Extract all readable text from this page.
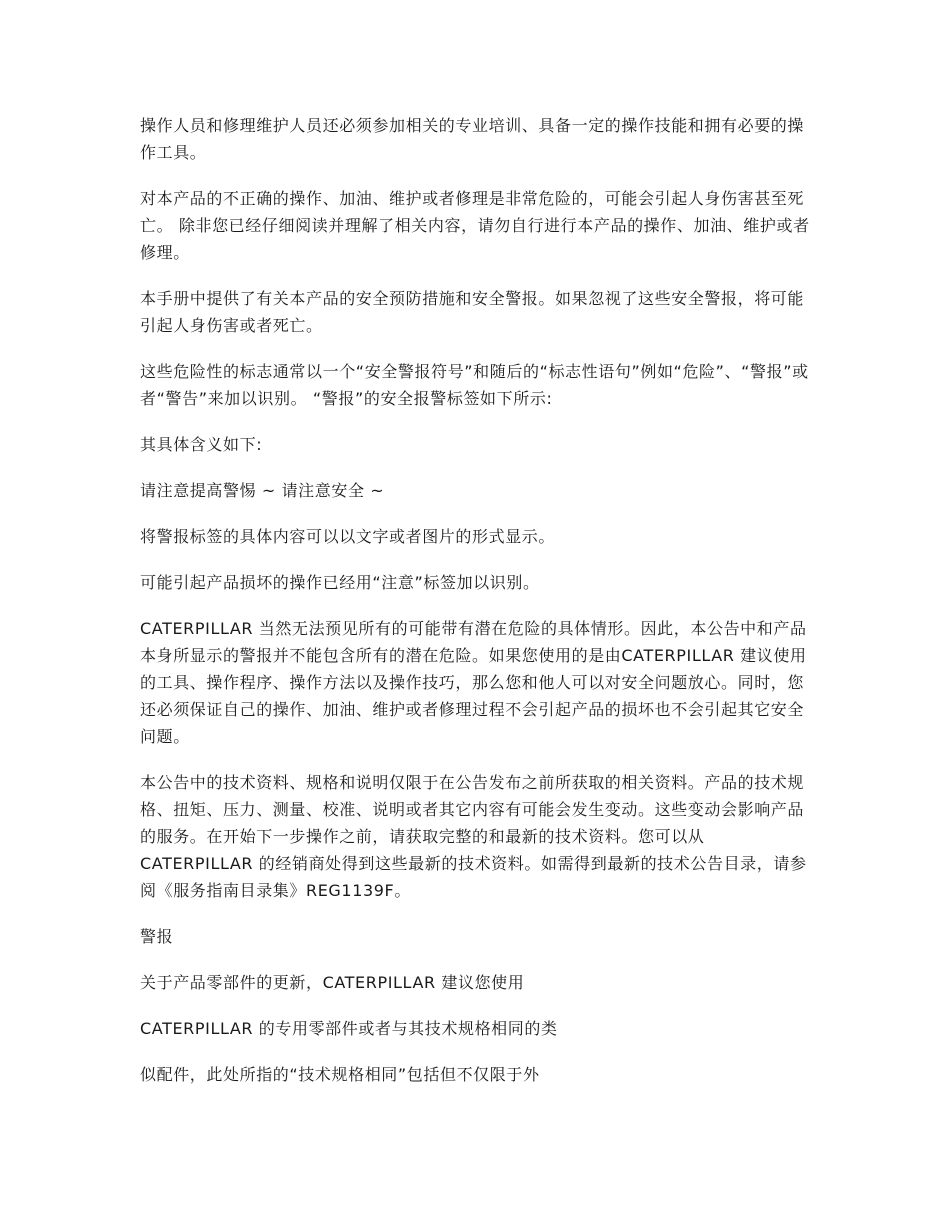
操作人员和修理维护人员还必须参加相关的专业培训、具备一定的操作技能和拥有必要的操作工具。

对本产品的不正确的操作、加油、维护或者修理是非常危险的，可能会引起人身伤害甚至死亡。 除非您已经仔细阅读并理解了相关内容，请勿自行进行本产品的操作、加油、维护或者修理。

本手册中提供了有关本产品的安全预防措施和安全警报。如果忽视了这些安全警报，将可能引起人身伤害或者死亡。

这些危险性的标志通常以一个“安全警报符号”和随后的“标志性语句”例如“危险”、“警报”或者“警告”来加以识别。 “警报”的安全报警标签如下所示:

其具体含义如下:

请注意提高警惕 ~ 请注意安全 ~

将警报标签的具体内容可以以文字或者图片的形式显示。

可能引起产品损坏的操作已经用“注意”标签加以识别。

CATERPILLAR 当然无法预见所有的可能带有潜在危险的具体情形。因此，本公告中和产品本身所显示的警报并不能包含所有的潜在危险。如果您使用的是由CATERPILLAR 建议使用的工具、操作程序、操作方法以及操作技巧，那么您和他人可以对安全问题放心。同时，您还必须保证自己的操作、加油、维护或者修理过程不会引起产品的损坏也不会引起其它安全问题。

本公告中的技术资料、规格和说明仅限于在公告发布之前所获取的相关资料。产品的技术规格、扭矩、压力、测量、校准、说明或者其它内容有可能会发生变动。这些变动会影响产品的服务。在开始下一步操作之前，请获取完整的和最新的技术资料。您可以从 CATERPILLAR 的经销商处得到这些最新的技术资料。如需得到最新的技术公告目录，请参阅《服务指南目录集》REG1139F。

警报

关于产品零部件的更新，CATERPILLAR 建议您使用

CATERPILLAR 的专用零部件或者与其技术规格相同的类

似配件，此处所指的“技术规格相同”包括但不仅限于外
